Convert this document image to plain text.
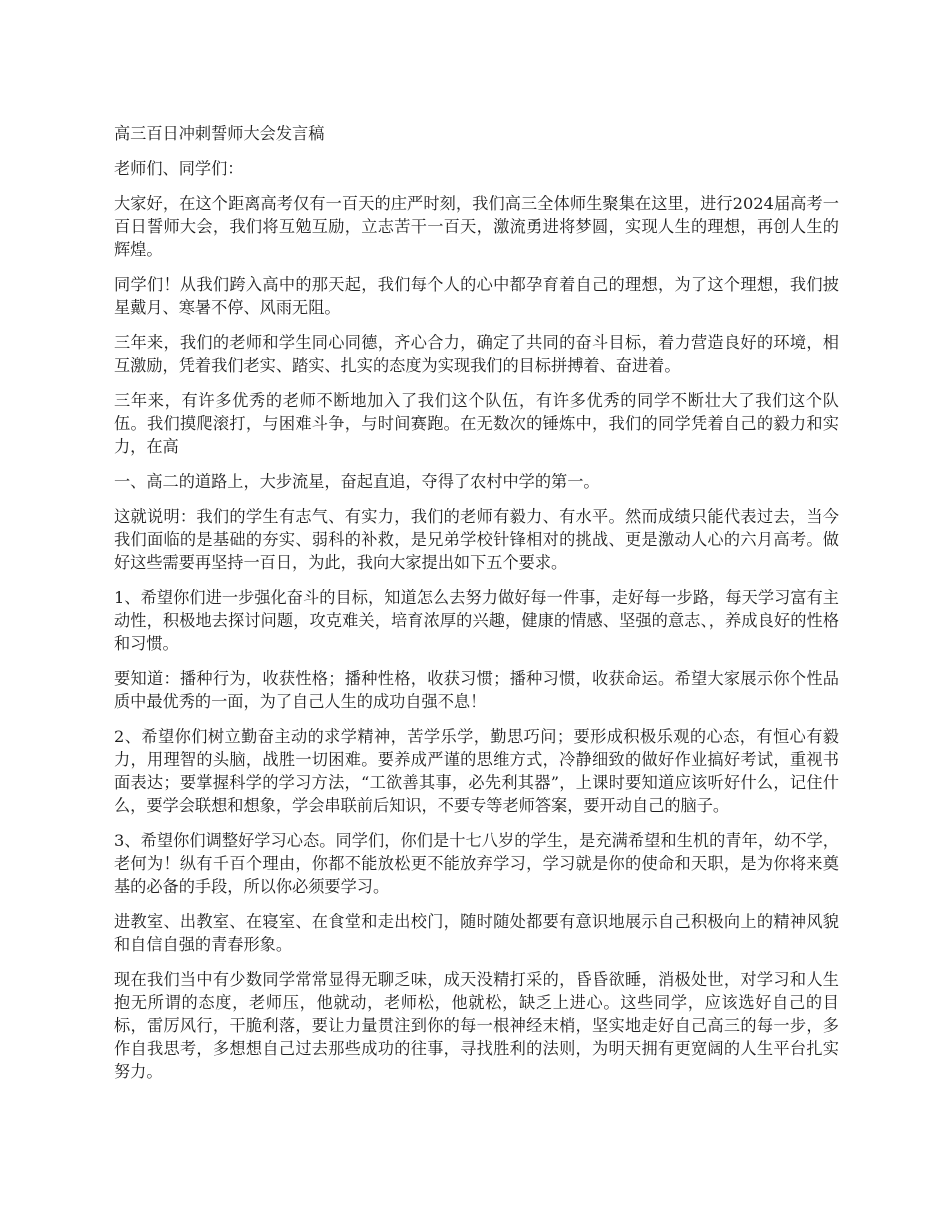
高三百日冲刺誓师大会发言稿

老师们、同学们：

大家好，在这个距离高考仅有一百天的庄严时刻，我们高三全体师生聚集在这里，进行2024届高考一百日誓师大会，我们将互勉互励，立志苦干一百天，激流勇进将梦圆，实现人生的理想，再创人生的辉煌。

同学们！从我们跨入高中的那天起，我们每个人的心中都孕育着自己的理想，为了这个理想，我们披星戴月、寒暑不停、风雨无阻。

三年来，我们的老师和学生同心同德，齐心合力，确定了共同的奋斗目标，着力营造良好的环境，相互激励，凭着我们老实、踏实、扎实的态度为实现我们的目标拼搏着、奋进着。

三年来，有许多优秀的老师不断地加入了我们这个队伍，有许多优秀的同学不断壮大了我们这个队伍。我们摸爬滚打，与困难斗争，与时间赛跑。在无数次的锤炼中，我们的同学凭着自己的毅力和实力，在高

一、高二的道路上，大步流星，奋起直追，夺得了农村中学的第一。

这就说明：我们的学生有志气、有实力，我们的老师有毅力、有水平。然而成绩只能代表过去，当今我们面临的是基础的夯实、弱科的补救，是兄弟学校针锋相对的挑战、更是激动人心的六月高考。做好这些需要再坚持一百日，为此，我向大家提出如下五个要求。

1、希望你们进一步强化奋斗的目标，知道怎么去努力做好每一件事，走好每一步路，每天学习富有主动性，积极地去探讨问题，攻克难关，培育浓厚的兴趣，健康的情感、坚强的意志、，养成良好的性格和习惯。

要知道：播种行为，收获性格；播种性格，收获习惯；播种习惯，收获命运。希望大家展示你个性品质中最优秀的一面，为了自己人生的成功自强不息！

2、希望你们树立勤奋主动的求学精神，苦学乐学，勤思巧问；要形成积极乐观的心态，有恒心有毅力，用理智的头脑，战胜一切困难。要养成严谨的思维方式，冷静细致的做好作业搞好考试，重视书面表达；要掌握科学的学习方法，“工欲善其事，必先利其器”，上课时要知道应该听好什么，记住什么，要学会联想和想象，学会串联前后知识，不要专等老师答案，要开动自己的脑子。

3、希望你们调整好学习心态。同学们，你们是十七八岁的学生，是充满希望和生机的青年，幼不学，老何为！纵有千百个理由，你都不能放松更不能放弃学习，学习就是你的使命和天职，是为你将来奠基的必备的手段，所以你必须要学习。

进教室、出教室、在寝室、在食堂和走出校门，随时随处都要有意识地展示自己积极向上的精神风貌和自信自强的青春形象。

现在我们当中有少数同学常常显得无聊乏味，成天没精打采的，昏昏欲睡，消极处世，对学习和人生抱无所谓的态度，老师压，他就动，老师松，他就松，缺乏上进心。这些同学，应该选好自己的目标，雷厉风行，干脆利落，要让力量贯注到你的每一根神经末梢，坚实地走好自己高三的每一步，多作自我思考，多想想自己过去那些成功的往事，寻找胜利的法则，为明天拥有更宽阔的人生平台扎实努力。
